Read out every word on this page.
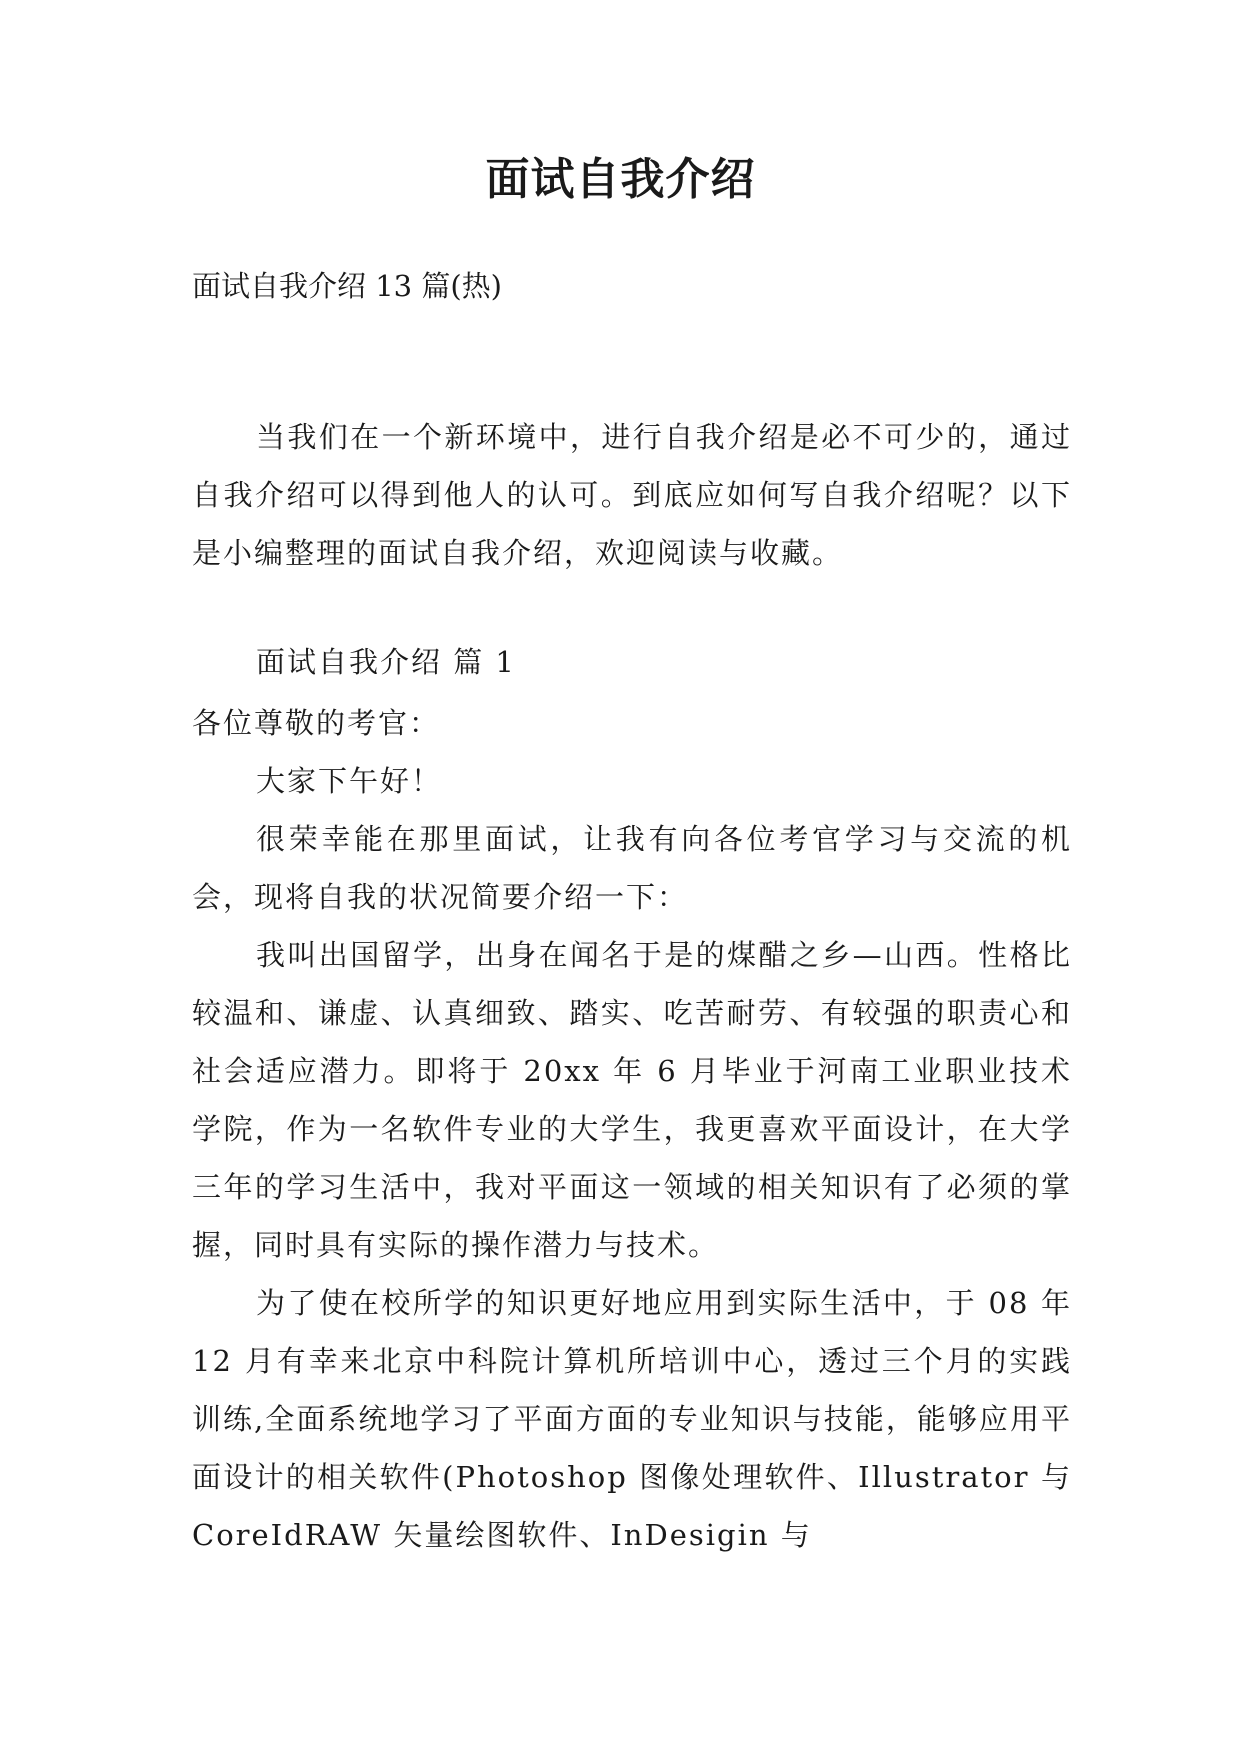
面试自我介绍

面试自我介绍 13 篇(热)

当我们在一个新环境中，进行自我介绍是必不可少的，通过自我介绍可以得到他人的认可。到底应如何写自我介绍呢？以下是小编整理的面试自我介绍，欢迎阅读与收藏。

面试自我介绍 篇 1

各位尊敬的考官：

大家下午好！

很荣幸能在那里面试，让我有向各位考官学习与交流的机会，现将自我的状况简要介绍一下：

我叫出国留学，出身在闻名于是的煤醋之乡—山西。性格比较温和、谦虚、认真细致、踏实、吃苦耐劳、有较强的职责心和社会适应潜力。即将于 20xx 年 6 月毕业于河南工业职业技术学院，作为一名软件专业的大学生，我更喜欢平面设计，在大学三年的学习生活中，我对平面这一领域的相关知识有了必须的掌握，同时具有实际的操作潜力与技术。

为了使在校所学的知识更好地应用到实际生活中，于 08 年 12 月有幸来北京中科院计算机所培训中心，透过三个月的实践训练,全面系统地学习了平面方面的专业知识与技能，能够应用平面设计的相关软件(Photoshop 图像处理软件、Illustrator 与 CoreIdRAW 矢量绘图软件、InDesigin 与
